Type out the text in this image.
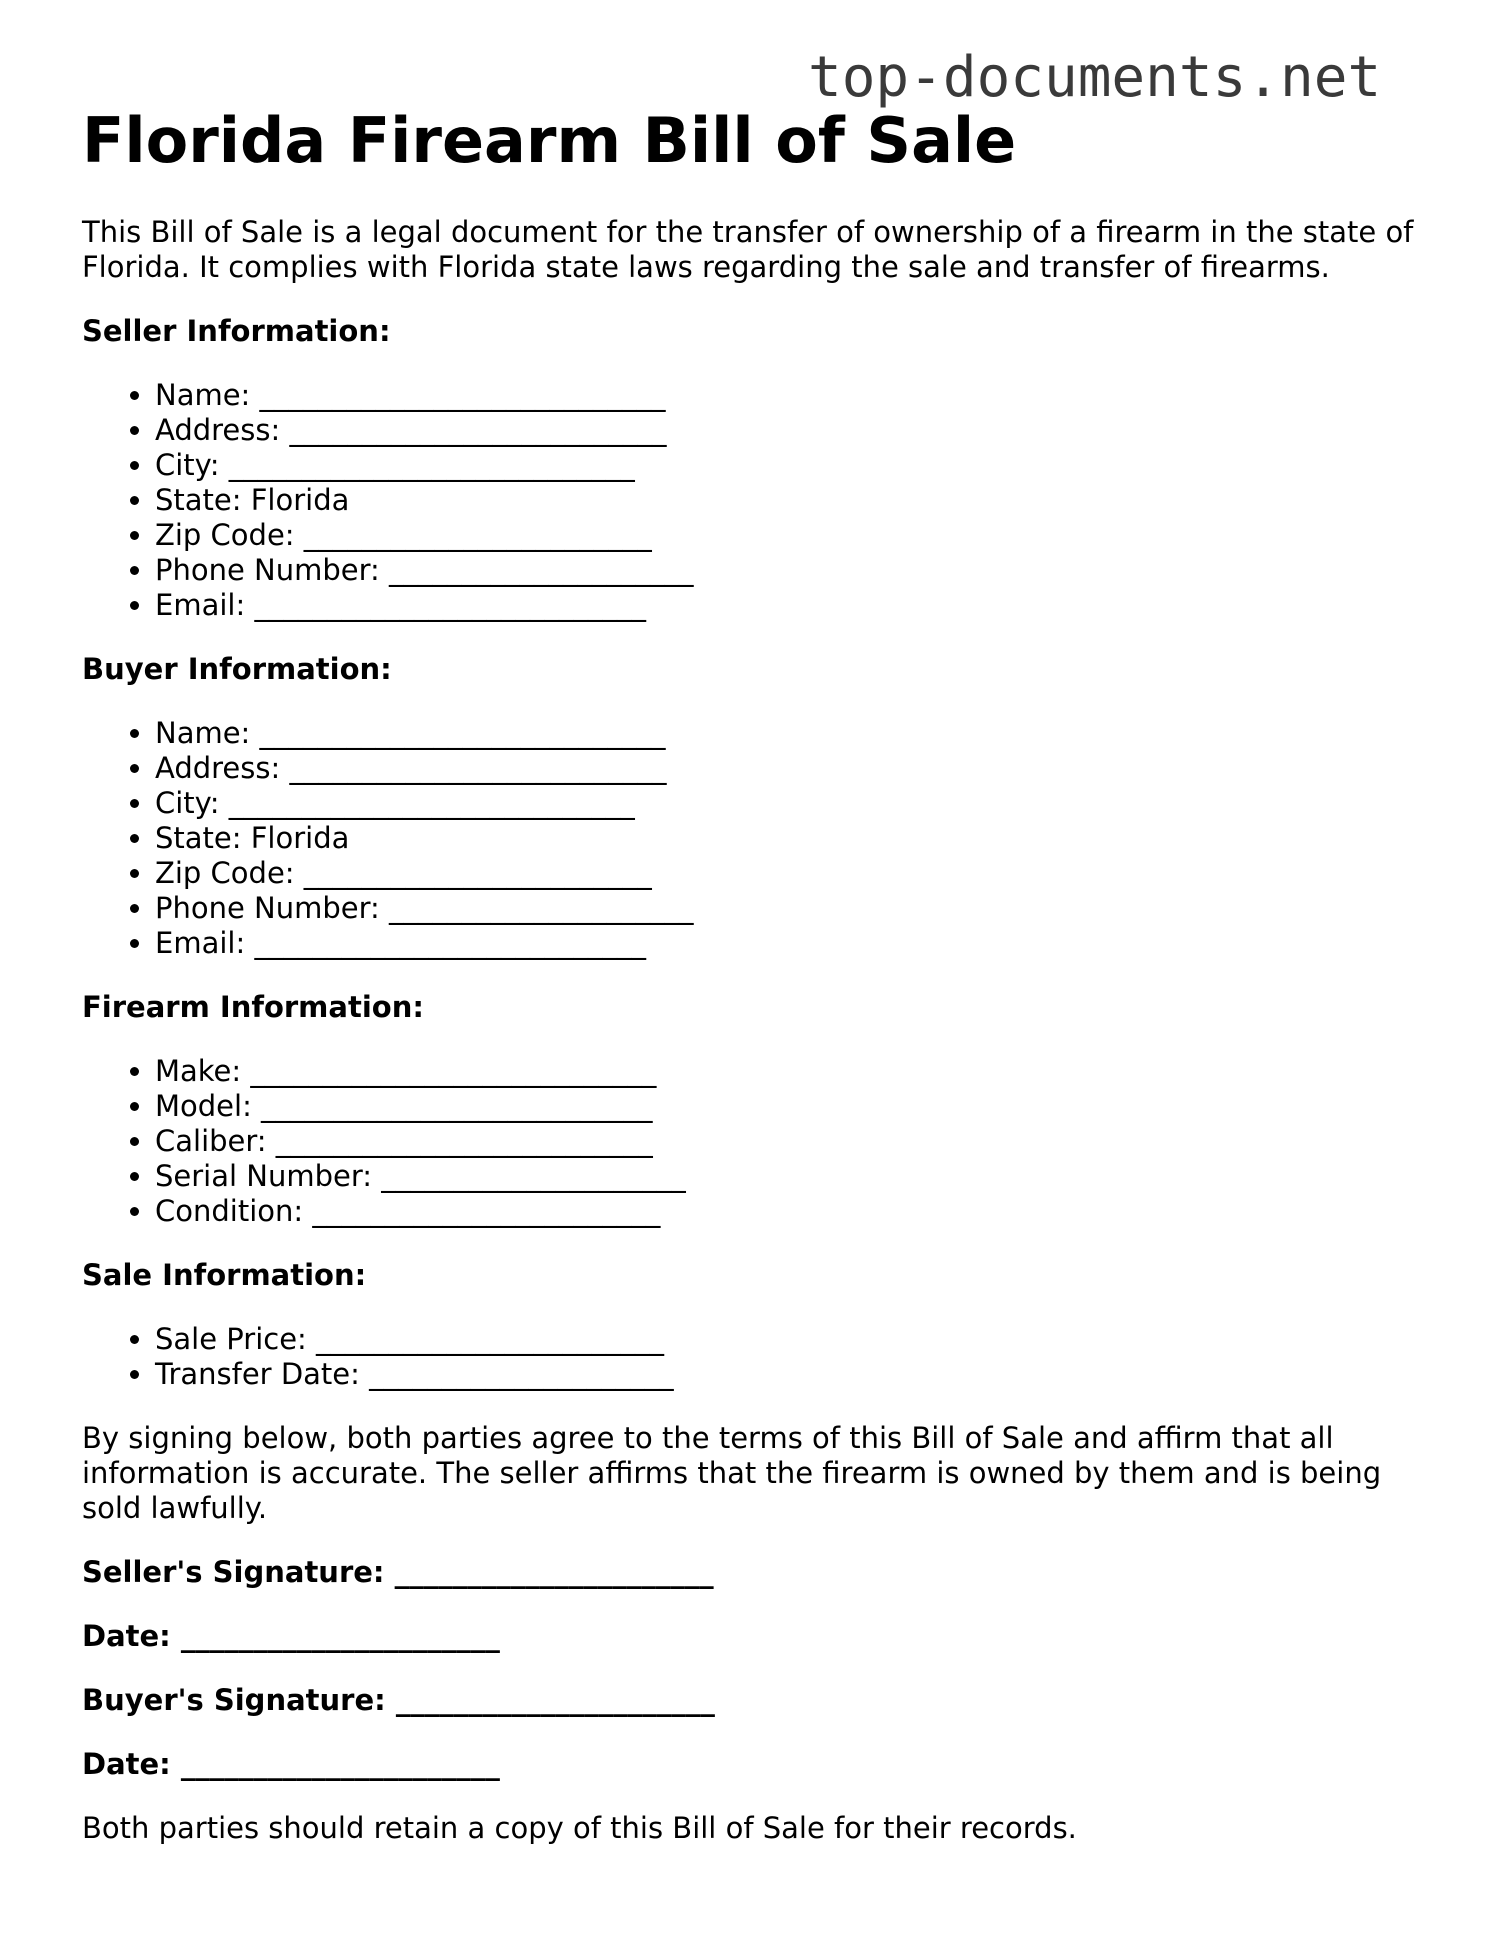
top-documents.net
Florida Firearm Bill of Sale

This Bill of Sale is a legal document for the transfer of ownership of a firearm in the state of Florida. It complies with Florida state laws regarding the sale and transfer of firearms.

Seller Information:
• Name: ____________________________
• Address: __________________________
• City: ____________________________
• State: Florida
• Zip Code: ________________________
• Phone Number: _____________________
• Email: ___________________________
Buyer Information:
• Name: ____________________________
• Address: __________________________
• City: ____________________________
• State: Florida
• Zip Code: ________________________
• Phone Number: _____________________
• Email: ___________________________
Firearm Information:
• Make: ____________________________
• Model: ___________________________
• Caliber: __________________________
• Serial Number: _____________________
• Condition: ________________________
Sale Information:
• Sale Price: ________________________
• Transfer Date: _____________________

By signing below, both parties agree to the terms of this Bill of Sale and affirm that all information is accurate. The seller affirms that the firearm is owned by them and is being sold lawfully.

Seller's Signature: ______________________
Date: ______________________
Buyer's Signature: ______________________
Date: ______________________

Both parties should retain a copy of this Bill of Sale for their records.
